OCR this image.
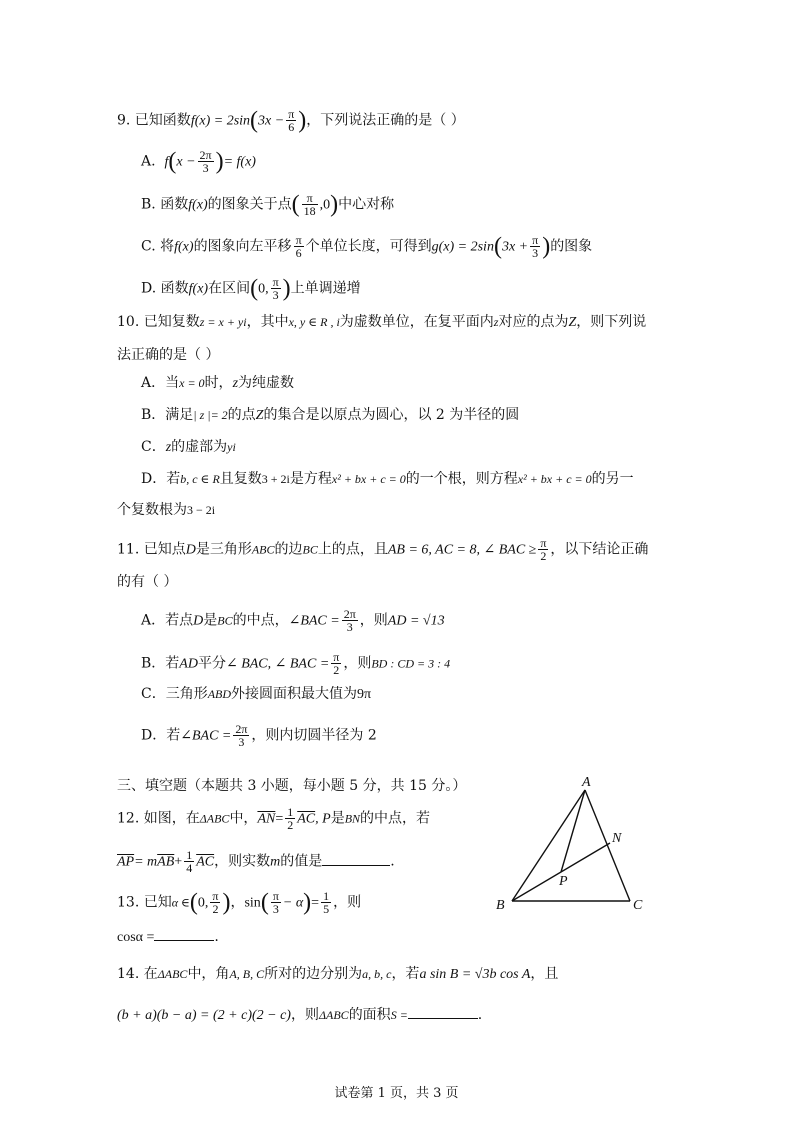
9. 已知函数$f(x) = 2\sin(3x - \frac{\pi}{6}$ )，下列说法正确的是（ ）
A. $f(x - \frac{2\pi}{3}$ )= f(x)
B. 函数f(x)的图象关于点( $\frac{\pi}{18} ,0$)中心对称
C. 将f(x)的图象向左平移 $\frac{\pi}{6}$ 个单位长度，可得到$g(x) = 2\sin(3x + \frac{\pi}{3}$ )的图象
D. 函数f(x)在区间(0, $\frac{\pi}{3}$ )上单调递增
10. 已知复数z = x + yi，其中x, y ∈ R , i为虚数单位，在复平面内z对应的点为Z，则下列说
法正确的是（ ）
A．当x = 0时，z为纯虚数
B．满足| z |= 2的点Z的集合是以原点为圆心，以 2 为半径的圆
C．z的虚部为yi
D．若b, c ∈ R且复数3 + 2i是方程x² + bx + c = 0的一个根，则方程x² + bx + c = 0的另一
个复数根为3 − 2i
11. 已知点D是三角形ABC的边BC上的点，且AB = 6, AC = 8, ∠ BAC ≥ $\frac{\pi}{2}$ ，以下结论正确
的有（ ）
A．若点D是BC的中点，∠BAC = $\frac{2\pi}{3}$ ，则AD = √13
B．若AD平分∠ BAC, ∠ BAC = $\frac{\pi}{2}$ ，则BD : CD = 3 : 4
C．三角形ABD外接圆面积最大值为9π
D．若∠BAC = $\frac{2\pi}{3}$ ，则内切圆半径为 2
三、填空题（本题共 3 小题，每小题 5 分，共 15 分。）
12. 如图，在ΔABC中，$\overline{AN}= \frac{1}{2} \overline{AC}$, P是BN的中点，若
$\overline{AP}= m\overline{AB}+ \frac{1}{4} \overline{AC}$，则实数m的值是	.
13. 已知α ∈(0, $\frac{\pi}{2}$ )，$\sin( \frac{\pi}{3} - \alpha)= \frac{1}{5}$ ，则
cosα =	.
14. 在ΔABC中，角A, B, C所对的边分别为a, b, c，若a sin B = √3b cos A，且
(b + a)(b − a) = (2 + c)(2 − c)，则ΔABC的面积S =	.
A
B	C
N
P
试卷第 1 页，共 3 页
